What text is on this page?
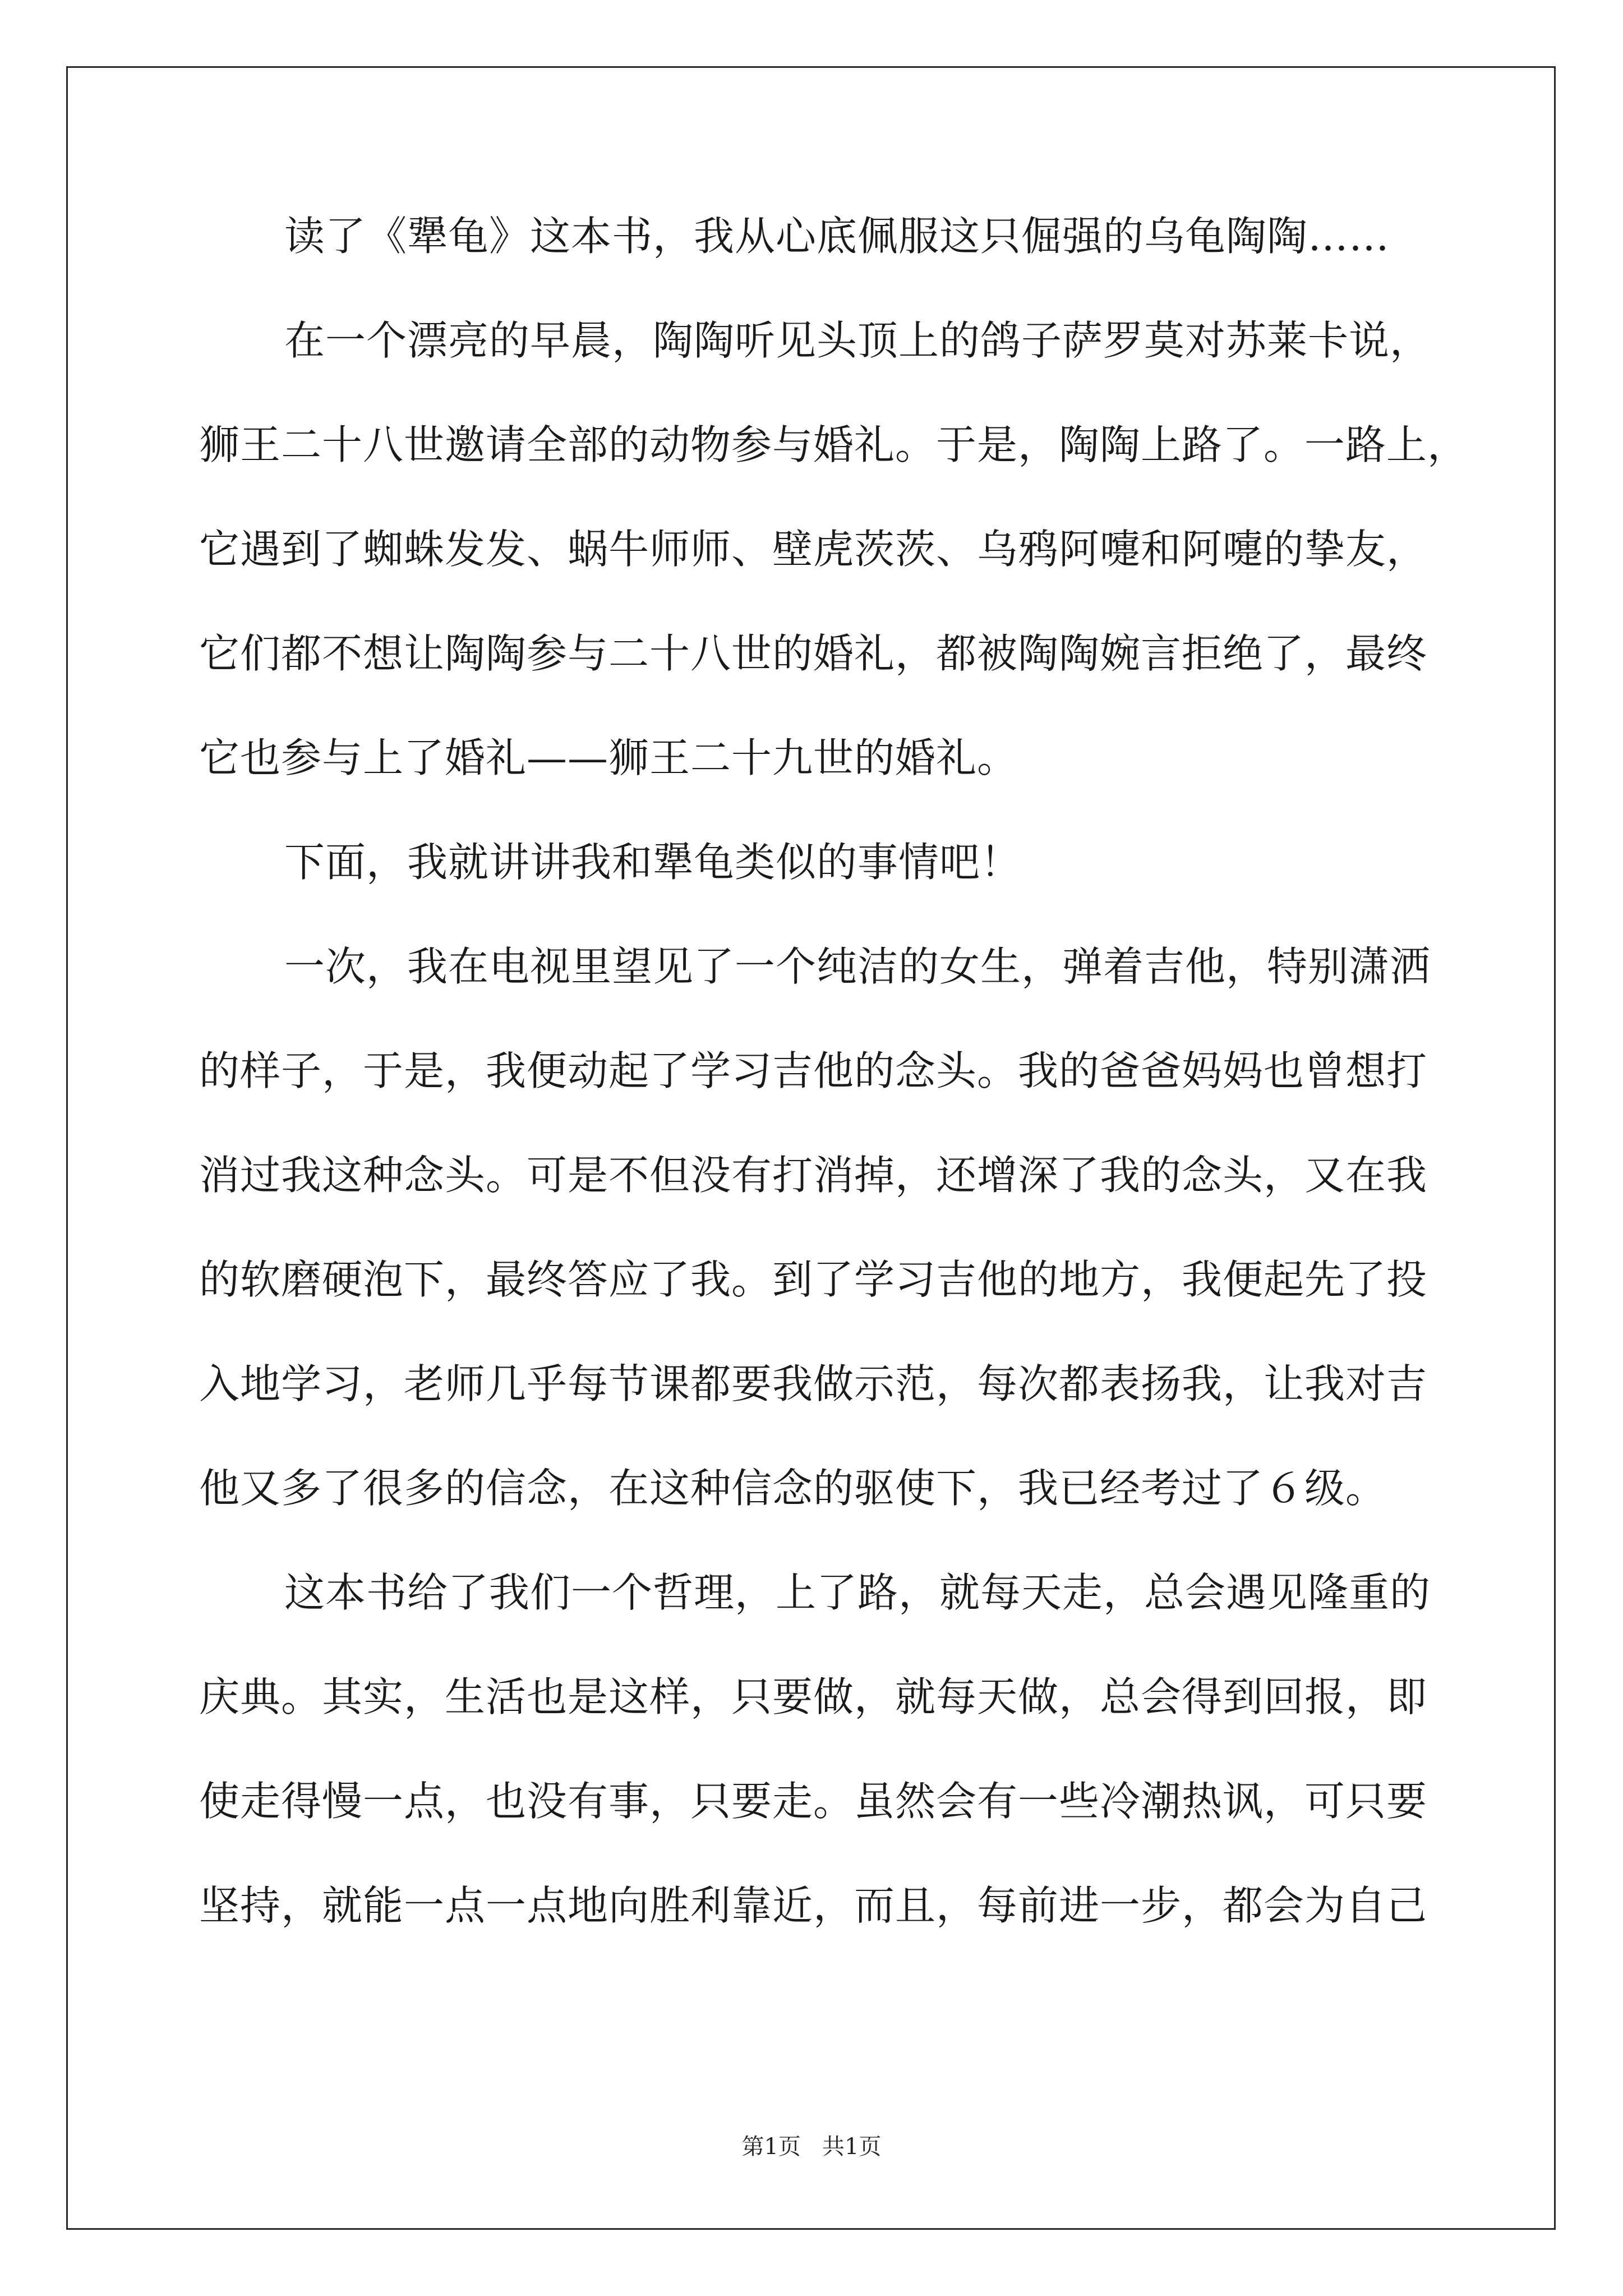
读了《犟龟》这本书，我从心底佩服这只倔强的乌龟陶陶……
在一个漂亮的早晨，陶陶听见头顶上的鸽子萨罗莫对苏莱卡说，
狮王二十八世邀请全部的动物参与婚礼。于是，陶陶上路了。一路上，
它遇到了蜘蛛发发、蜗牛师师、壁虎茨茨、乌鸦阿嚏和阿嚏的挚友，
它们都不想让陶陶参与二十八世的婚礼，都被陶陶婉言拒绝了，最终
它也参与上了婚礼——狮王二十九世的婚礼。
下面，我就讲讲我和犟龟类似的事情吧！
一次，我在电视里望见了一个纯洁的女生，弹着吉他，特别潇洒
的样子，于是，我便动起了学习吉他的念头。我的爸爸妈妈也曾想打
消过我这种念头。可是不但没有打消掉，还增深了我的念头，又在我
的软磨硬泡下，最终答应了我。到了学习吉他的地方，我便起先了投
入地学习，老师几乎每节课都要我做示范，每次都表扬我，让我对吉
他又多了很多的信念，在这种信念的驱使下，我已经考过了６级。
这本书给了我们一个哲理，上了路，就每天走，总会遇见隆重的
庆典。其实，生活也是这样，只要做，就每天做，总会得到回报，即
使走得慢一点，也没有事，只要走。虽然会有一些冷潮热讽，可只要
坚持，就能一点一点地向胜利靠近，而且，每前进一步，都会为自己
第1页   共1页
